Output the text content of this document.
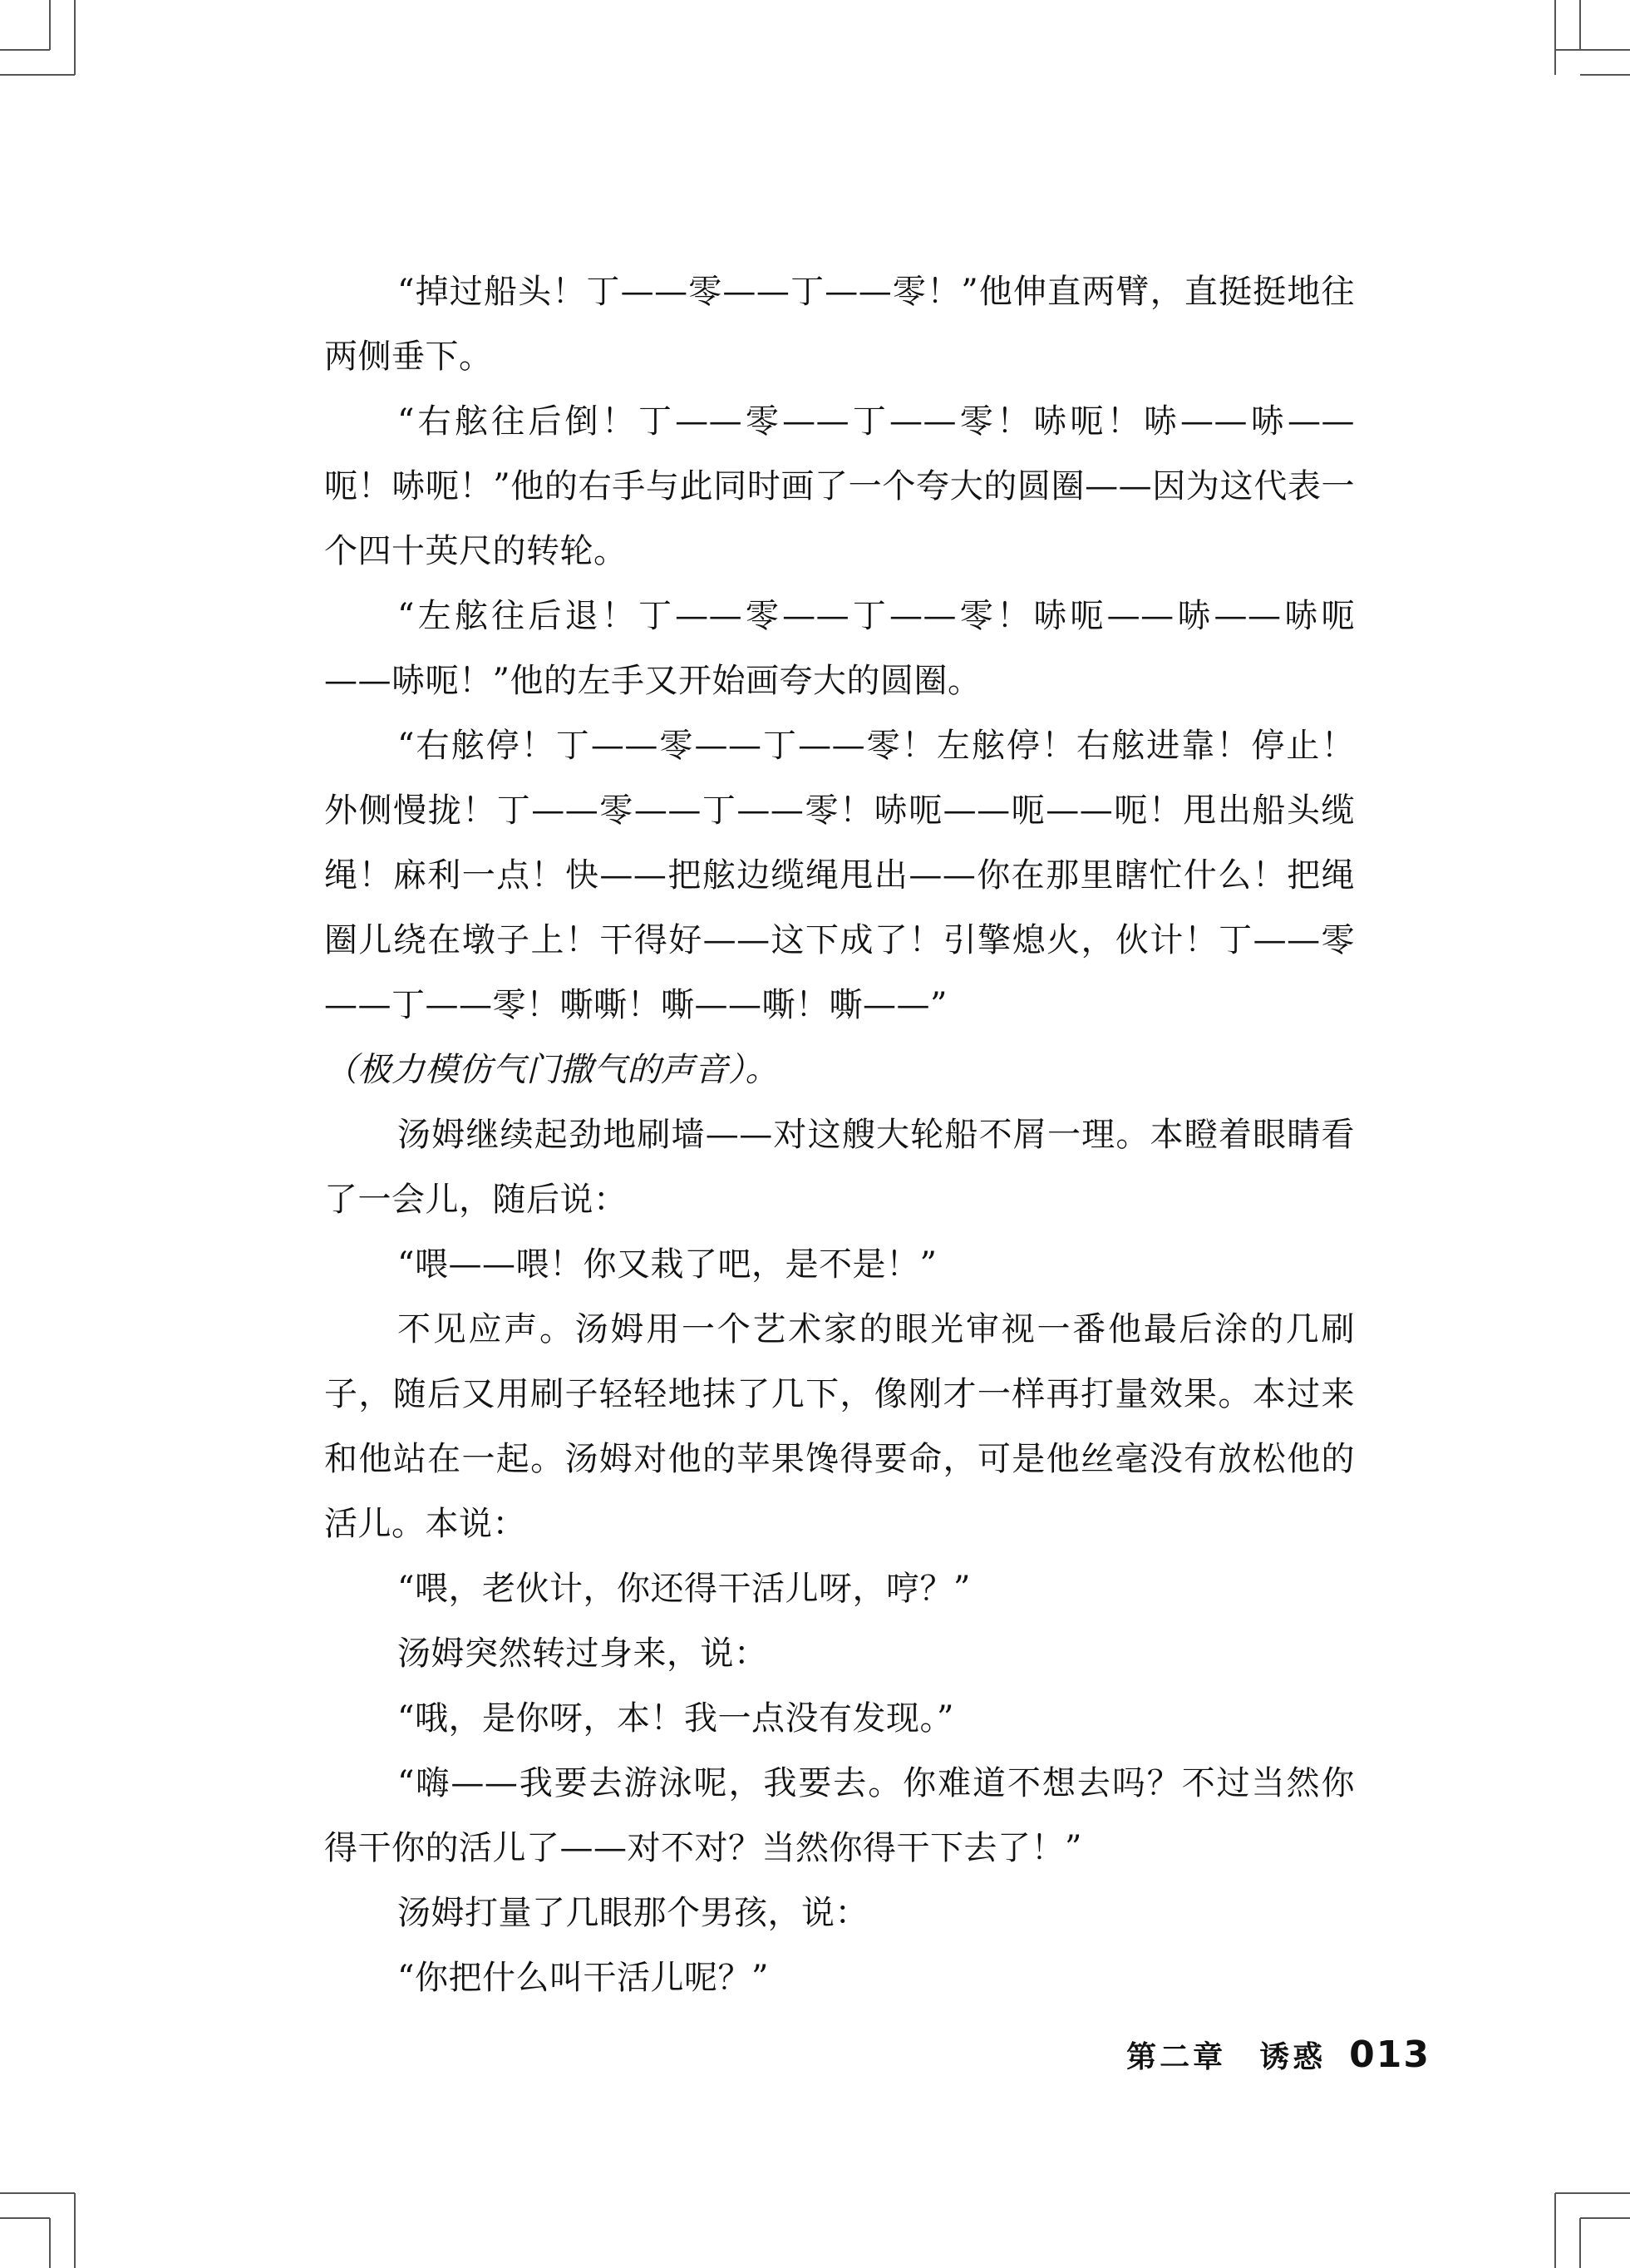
“掉过船头！丁——零——丁——零！”他伸直两臂，直挺挺地往两侧垂下。

“右舷往后倒！丁——零——丁——零！哧呃！哧——哧——呃！哧呃！”他的右手与此同时画了一个夸大的圆圈——因为这代表一个四十英尺的转轮。

“左舷往后退！丁——零——丁——零！哧呃——哧——哧呃——哧呃！”他的左手又开始画夸大的圆圈。

“右舷停！丁——零——丁——零！左舷停！右舷进靠！停止！外侧慢拢！丁——零——丁——零！哧呃——呃——呃！甩出船头缆绳！麻利一点！快——把舷边缆绳甩出——你在那里瞎忙什么！把绳圈儿绕在墩子上！干得好——这下成了！引擎熄火，伙计！丁——零——丁——零！嘶嘶！嘶——嘶！嘶——”

（极力模仿气门撒气的声音）。

汤姆继续起劲地刷墙——对这艘大轮船不屑一理。本瞪着眼睛看了一会儿，随后说：

“喂——喂！你又栽了吧，是不是！”

不见应声。汤姆用一个艺术家的眼光审视一番他最后涂的几刷子，随后又用刷子轻轻地抹了几下，像刚才一样再打量效果。本过来和他站在一起。汤姆对他的苹果馋得要命，可是他丝毫没有放松他的活儿。本说：

“喂，老伙计，你还得干活儿呀，哼？”

汤姆突然转过身来，说：

“哦，是你呀，本！我一点没有发现。”

“嗨——我要去游泳呢，我要去。你难道不想去吗？不过当然你得干你的活儿了——对不对？当然你得干下去了！”

汤姆打量了几眼那个男孩，说：

“你把什么叫干活儿呢？”

第二章　诱惑 013
